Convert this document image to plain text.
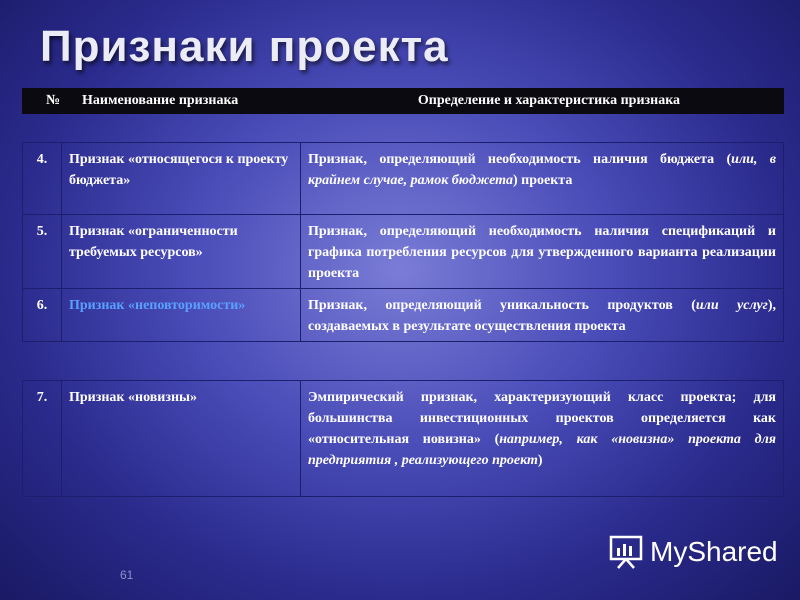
Признаки проекта
№	Наименование признака	Определение и характеристика признака
4.	Признак «относящегося к проекту бюджета»	Признак, определяющий необходимость наличия бюджета (или, в крайнем случае, рамок бюджета) проекта
5.	Признак «ограниченности требуемых ресурсов»	Признак, определяющий необходимость наличия спецификаций и графика потребления ресурсов для утвержденного варианта реализации проекта
6.	Признак «неповторимости»	Признак, определяющий уникальность продуктов (или услуг), создаваемых в результате осуществления проекта
7.	Признак «новизны»	Эмпирический признак, характеризующий класс проекта; для большинства инвестиционных проектов определяется как «относительная новизна» (например, как «новизна» проекта для предприятия , реализующего проект)
61
MyShared
